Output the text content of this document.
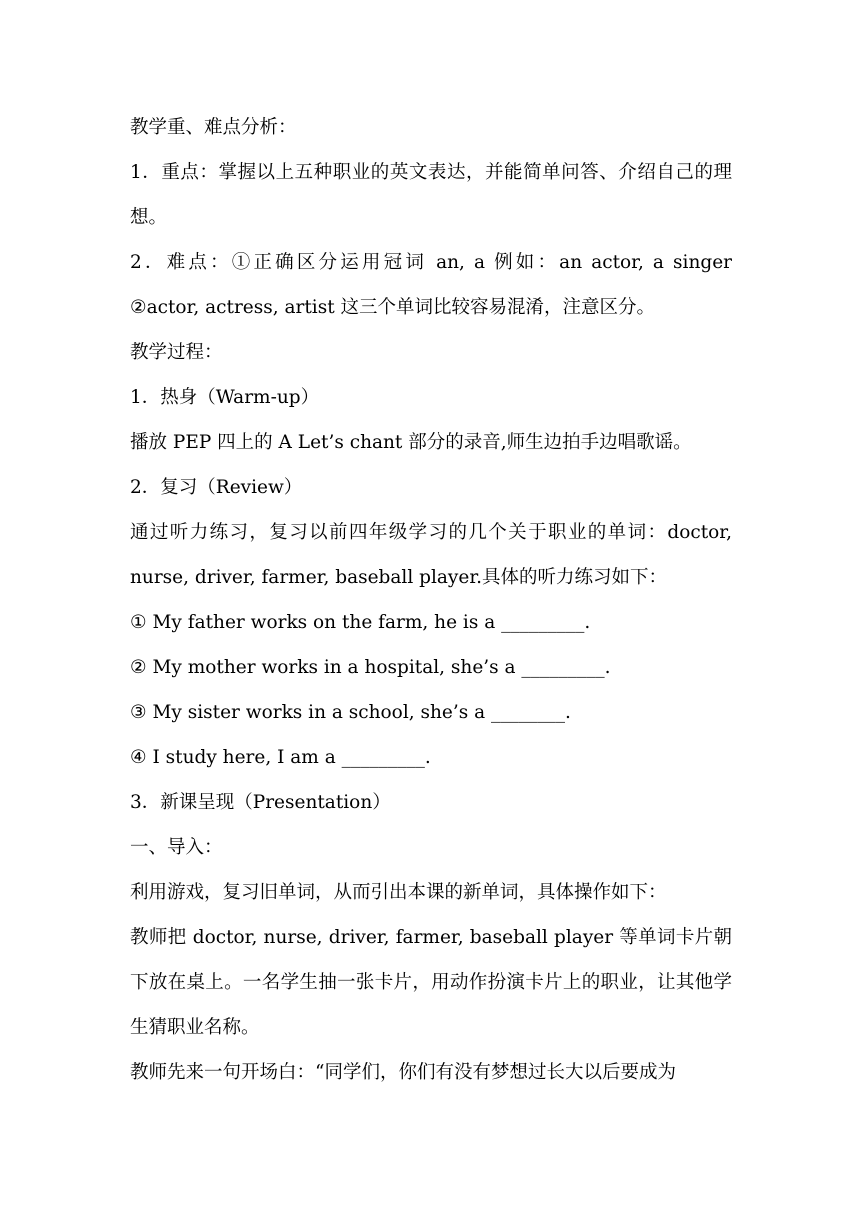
教学重、难点分析：

1．重点：掌握以上五种职业的英文表达，并能简单问答、介绍自己的理想。

2．难点：①正确区分运用冠词 an, a 例如：an actor, a singer ②actor, actress, artist 这三个单词比较容易混淆，注意区分。

教学过程：

1．热身（Warm-up）

播放 PEP 四上的 A Let’s chant 部分的录音,师生边拍手边唱歌谣。

2．复习（Review）

通过听力练习，复习以前四年级学习的几个关于职业的单词：doctor, nurse, driver, farmer, baseball player.具体的听力练习如下：

① My father works on the farm, he is a _________.

② My mother works in a hospital, she’s a _________.

③ My sister works in a school, she’s a ________.

④ I study here, I am a _________.

3．新课呈现（Presentation）

一、导入：

利用游戏，复习旧单词，从而引出本课的新单词，具体操作如下：

教师把 doctor, nurse, driver, farmer, baseball player 等单词卡片朝下放在桌上。一名学生抽一张卡片，用动作扮演卡片上的职业，让其他学生猜职业名称。

教师先来一句开场白：“同学们，你们有没有梦想过长大以后要成为
